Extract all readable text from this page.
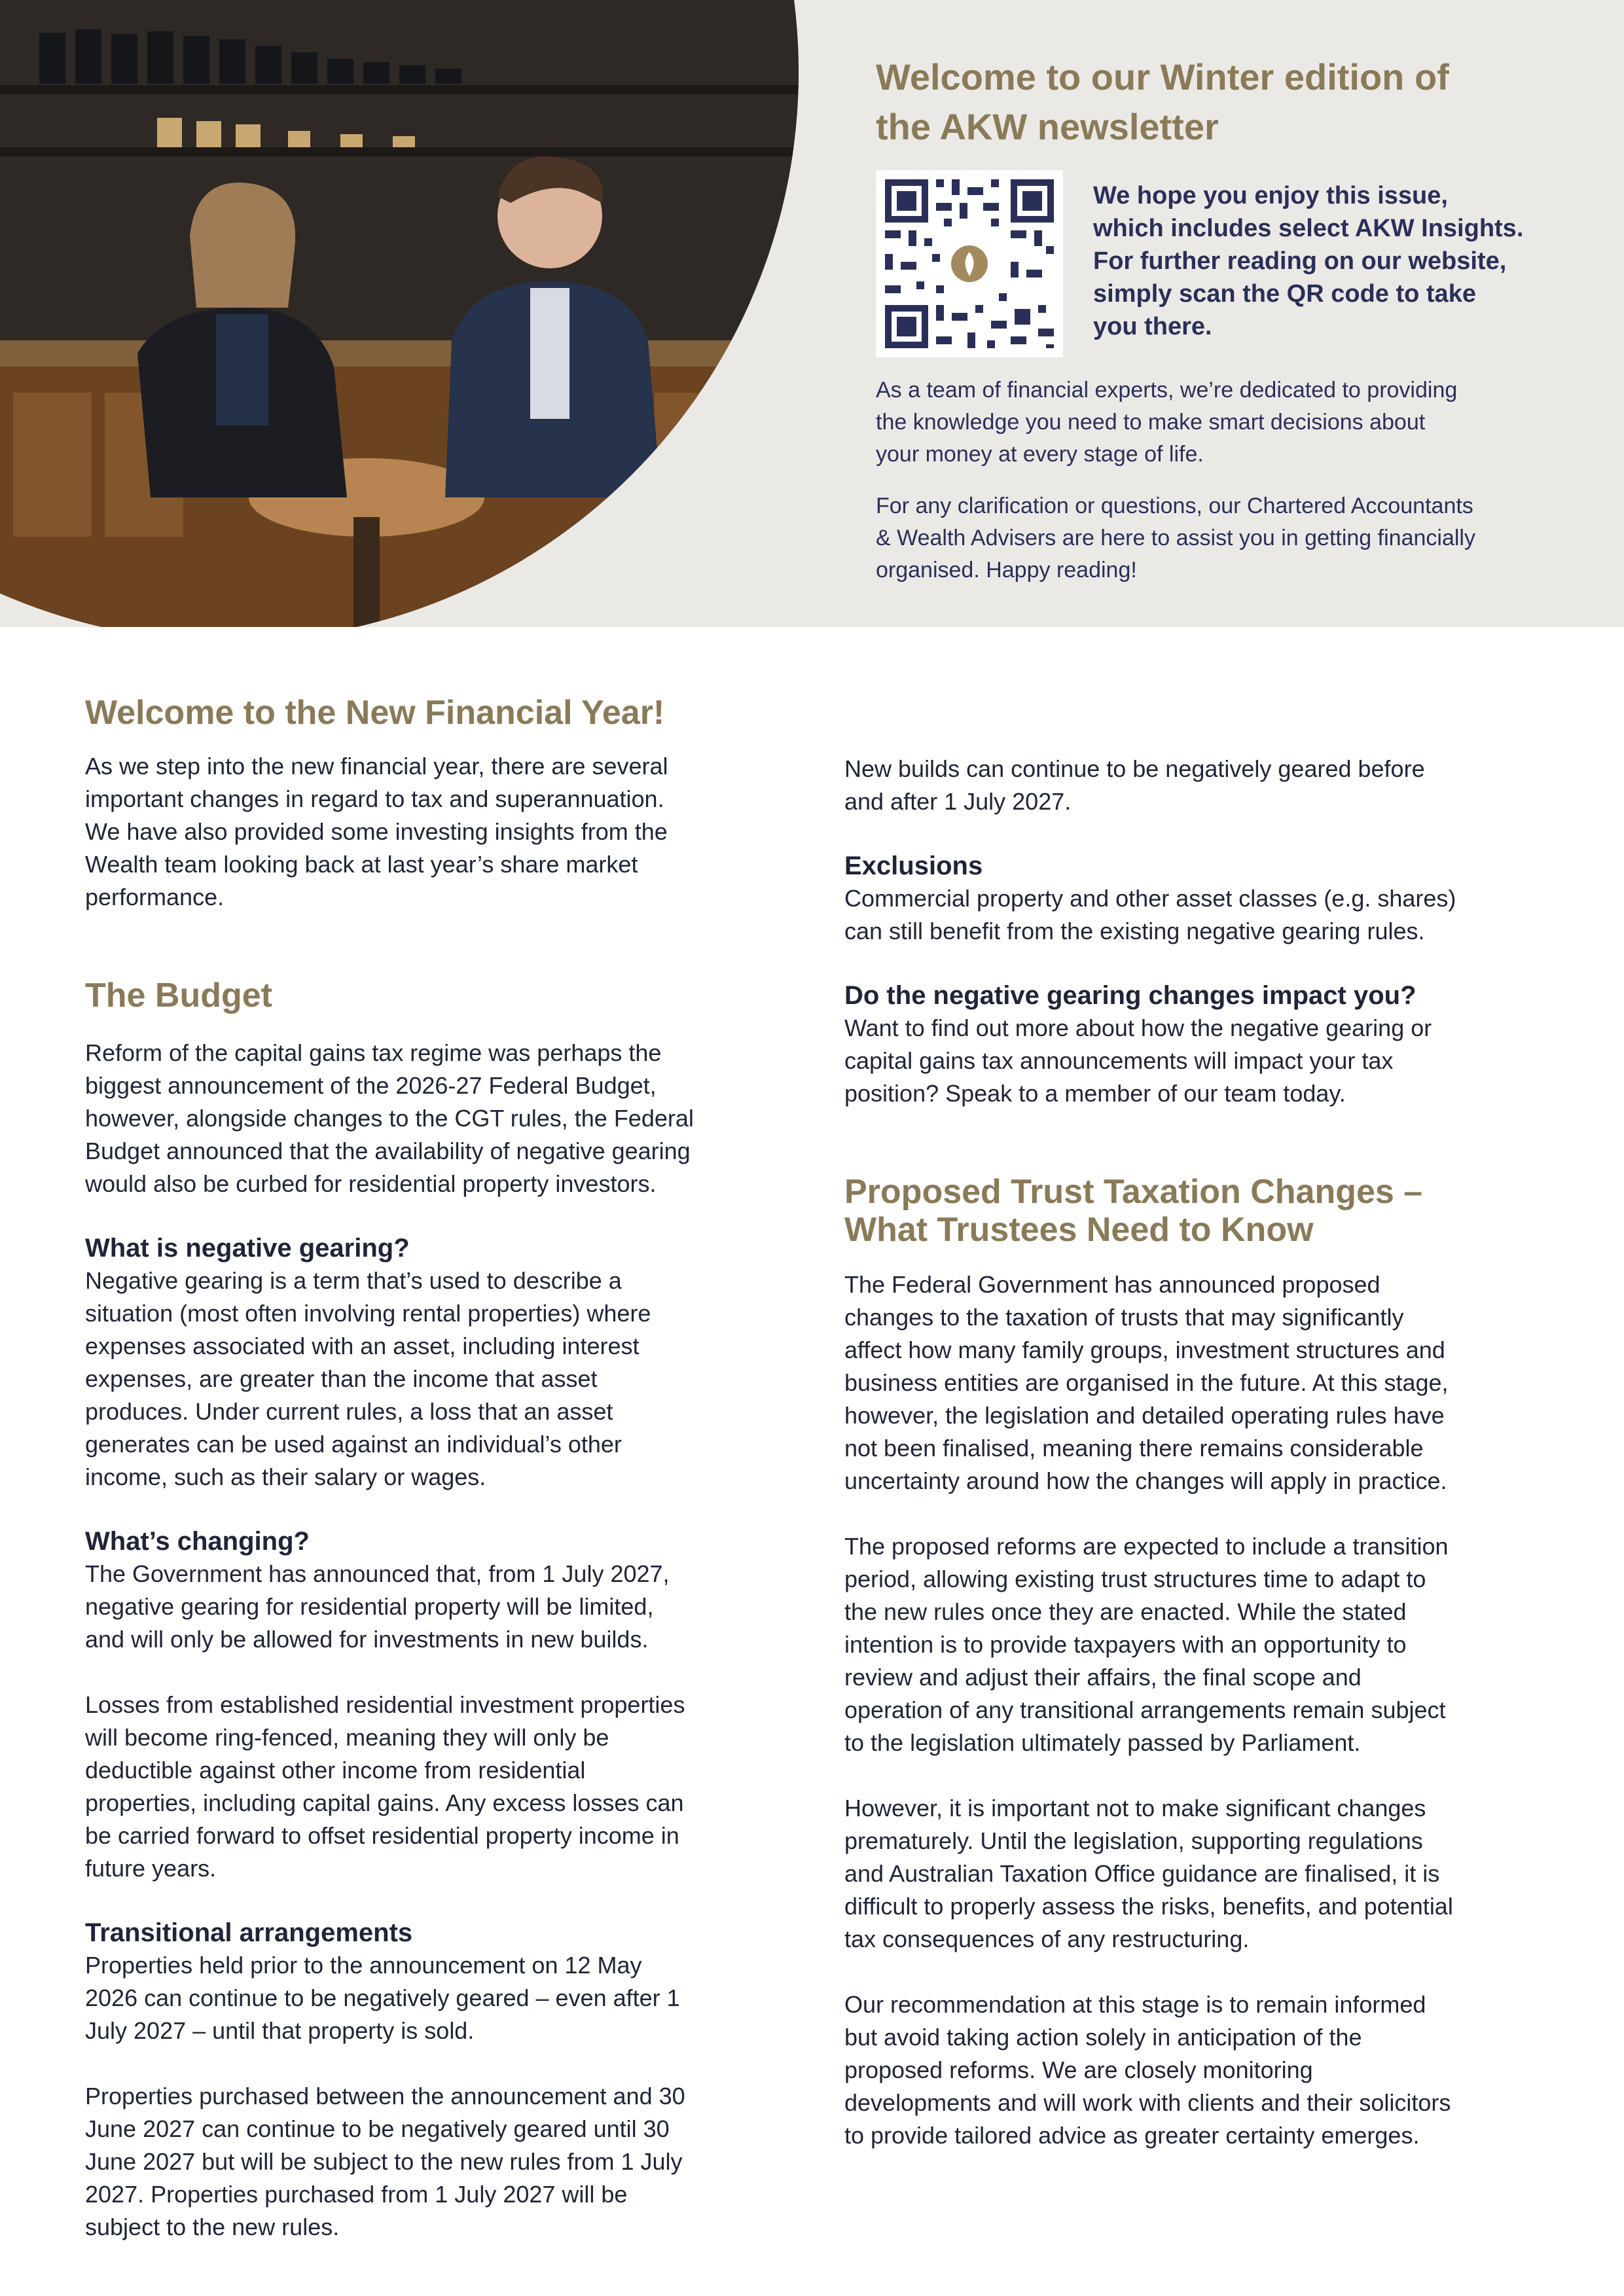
Welcome to our Winter edition of
the AKW newsletter

We hope you enjoy this issue,
which includes select AKW Insights.
For further reading on our website,
simply scan the QR code to take
you there.

As a team of financial experts, we’re dedicated to providing
the knowledge you need to make smart decisions about
your money at every stage of life.

For any clarification or questions, our Chartered Accountants
& Wealth Advisers are here to assist you in getting financially
organised. Happy reading!

Welcome to the New Financial Year!

As we step into the new financial year, there are several
important changes in regard to tax and superannuation.
We have also provided some investing insights from the
Wealth team looking back at last year’s share market
performance.

The Budget

Reform of the capital gains tax regime was perhaps the
biggest announcement of the 2026-27 Federal Budget,
however, alongside changes to the CGT rules, the Federal
Budget announced that the availability of negative gearing
would also be curbed for residential property investors.

What is negative gearing?

Negative gearing is a term that’s used to describe a
situation (most often involving rental properties) where
expenses associated with an asset, including interest
expenses, are greater than the income that asset
produces. Under current rules, a loss that an asset
generates can be used against an individual’s other
income, such as their salary or wages.

What’s changing?

The Government has announced that, from 1 July 2027,
negative gearing for residential property will be limited,
and will only be allowed for investments in new builds.

Losses from established residential investment properties
will become ring-fenced, meaning they will only be
deductible against other income from residential
properties, including capital gains. Any excess losses can
be carried forward to offset residential property income in
future years.

Transitional arrangements

Properties held prior to the announcement on 12 May
2026 can continue to be negatively geared – even after 1
July 2027 – until that property is sold.

Properties purchased between the announcement and 30
June 2027 can continue to be negatively geared until 30
June 2027 but will be subject to the new rules from 1 July
2027. Properties purchased from 1 July 2027 will be
subject to the new rules.

New builds can continue to be negatively geared before
and after 1 July 2027.

Exclusions

Commercial property and other asset classes (e.g. shares)
can still benefit from the existing negative gearing rules.

Do the negative gearing changes impact you?

Want to find out more about how the negative gearing or
capital gains tax announcements will impact your tax
position? Speak to a member of our team today.

Proposed Trust Taxation Changes –
What Trustees Need to Know

The Federal Government has announced proposed
changes to the taxation of trusts that may significantly
affect how many family groups, investment structures and
business entities are organised in the future. At this stage,
however, the legislation and detailed operating rules have
not been finalised, meaning there remains considerable
uncertainty around how the changes will apply in practice.

The proposed reforms are expected to include a transition
period, allowing existing trust structures time to adapt to
the new rules once they are enacted. While the stated
intention is to provide taxpayers with an opportunity to
review and adjust their affairs, the final scope and
operation of any transitional arrangements remain subject
to the legislation ultimately passed by Parliament.

However, it is important not to make significant changes
prematurely. Until the legislation, supporting regulations
and Australian Taxation Office guidance are finalised, it is
difficult to properly assess the risks, benefits, and potential
tax consequences of any restructuring.

Our recommendation at this stage is to remain informed
but avoid taking action solely in anticipation of the
proposed reforms. We are closely monitoring
developments and will work with clients and their solicitors
to provide tailored advice as greater certainty emerges.
